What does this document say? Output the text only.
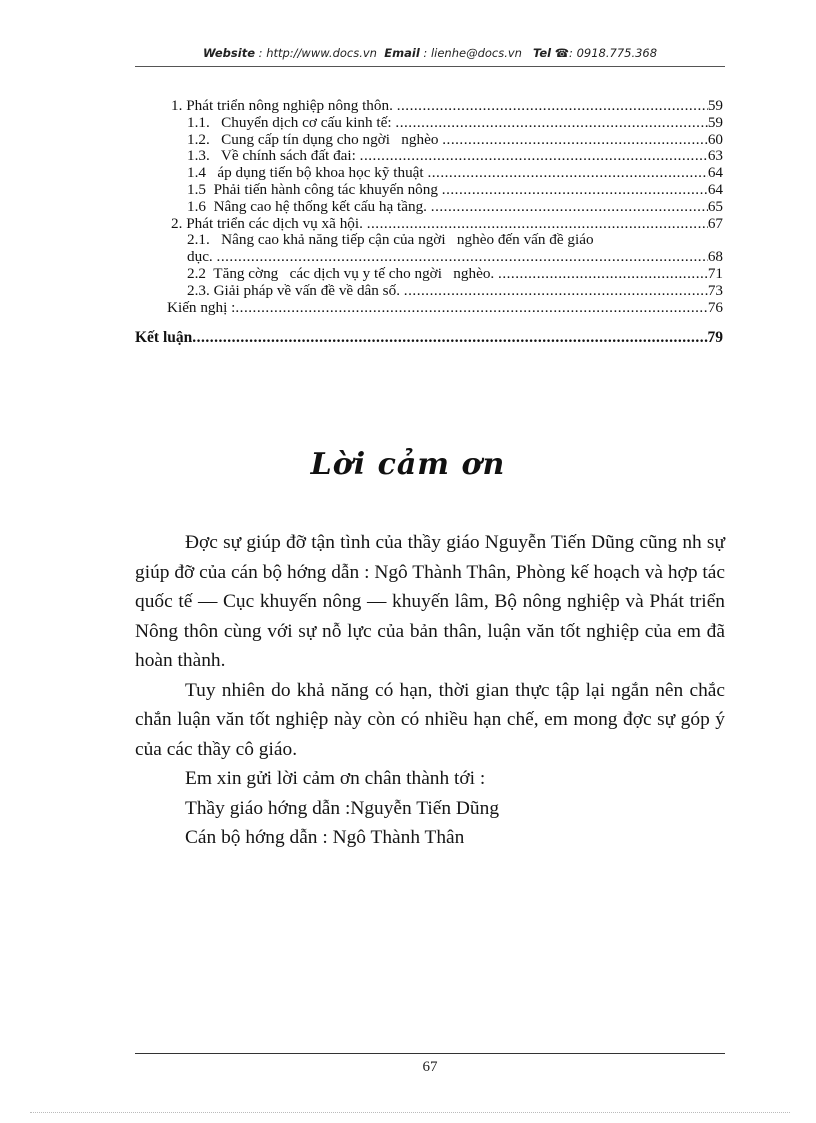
Website : http://www.docs.vn Email : lienhe@docs.vn Tel ☎: 0918.775.368
1. Phát triển nông nghiệp nông thôn. .....	59
1.1.   Chuyển dịch cơ cấu kinh tế: .....	59
1.2.   Cung cấp tín dụng cho ngời   nghèo .....	60
1.3.   Về chính sách đất đai: .....	63
1.4   áp dụng tiến bộ khoa học kỹ thuật .....	64
1.5  Phải tiến hành công tác khuyến nông .....	64
1.6  Nâng cao hệ thống kết cấu hạ tầng. .....	65
2. Phát triển các dịch vụ xã hội. .....	67
2.1.   Nâng cao khả năng tiếp cận của ngời   nghèo đến vấn đề giáo
dục. .....	68
2.2  Tăng cờng   các dịch vụ y tế cho ngời   nghèo. .....	71
2.3. Giải pháp về vấn đề về dân số. .....	73
Kiến nghị : .....	76
Kết luận .....	79
Lời cảm ơn

Đợc sự giúp đỡ tận tình của thầy giáo Nguyễn Tiến Dũng cũng nh sự giúp đỡ của cán bộ hớng dẫn : Ngô Thành Thân, Phòng kế hoạch và hợp tác quốc tế — Cục khuyến nông — khuyến lâm, Bộ nông nghiệp và Phát triển Nông thôn cùng với sự nỗ lực của bản thân, luận văn tốt nghiệp của em đã hoàn thành.

Tuy nhiên do khả năng có hạn, thời gian thực tập lại ngắn nên chắc chắn luận văn tốt nghiệp này còn có nhiều hạn chế, em mong đợc sự góp ý của các thầy cô giáo.

Em xin gửi lời cảm ơn chân thành tới :

Thầy giáo hớng dẫn :Nguyễn Tiến Dũng

Cán bộ hớng dẫn : Ngô Thành Thân

67
